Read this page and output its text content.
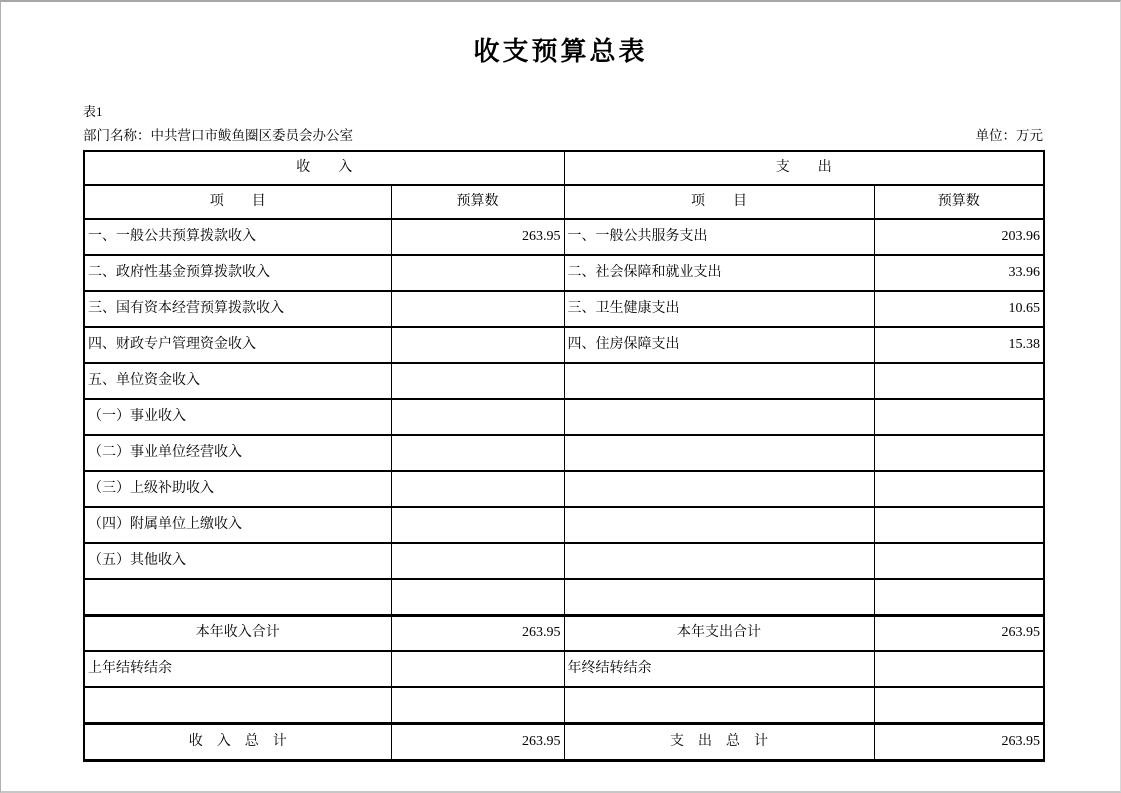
收支预算总表
表1
部门名称：中共营口市鲅鱼圈区委员会办公室	单位：万元
收　　入		支　　出	
项　　目	预算数	项　　目	预算数
一、一般公共预算拨款收入	263.95	一、一般公共服务支出	203.96
二、政府性基金预算拨款收入		二、社会保障和就业支出	33.96
三、国有资本经营预算拨款收入		三、卫生健康支出	10.65
四、财政专户管理资金收入		四、住房保障支出	15.38
五、单位资金收入			
（一）事业收入			
（二）事业单位经营收入			
（三）上级补助收入			
（四）附属单位上缴收入			
（五）其他收入			

本年收入合计	263.95	本年支出合计	263.95
上年结转结余		年终结转结余	

收　入　总　计	263.95	支　出　总　计	263.95
